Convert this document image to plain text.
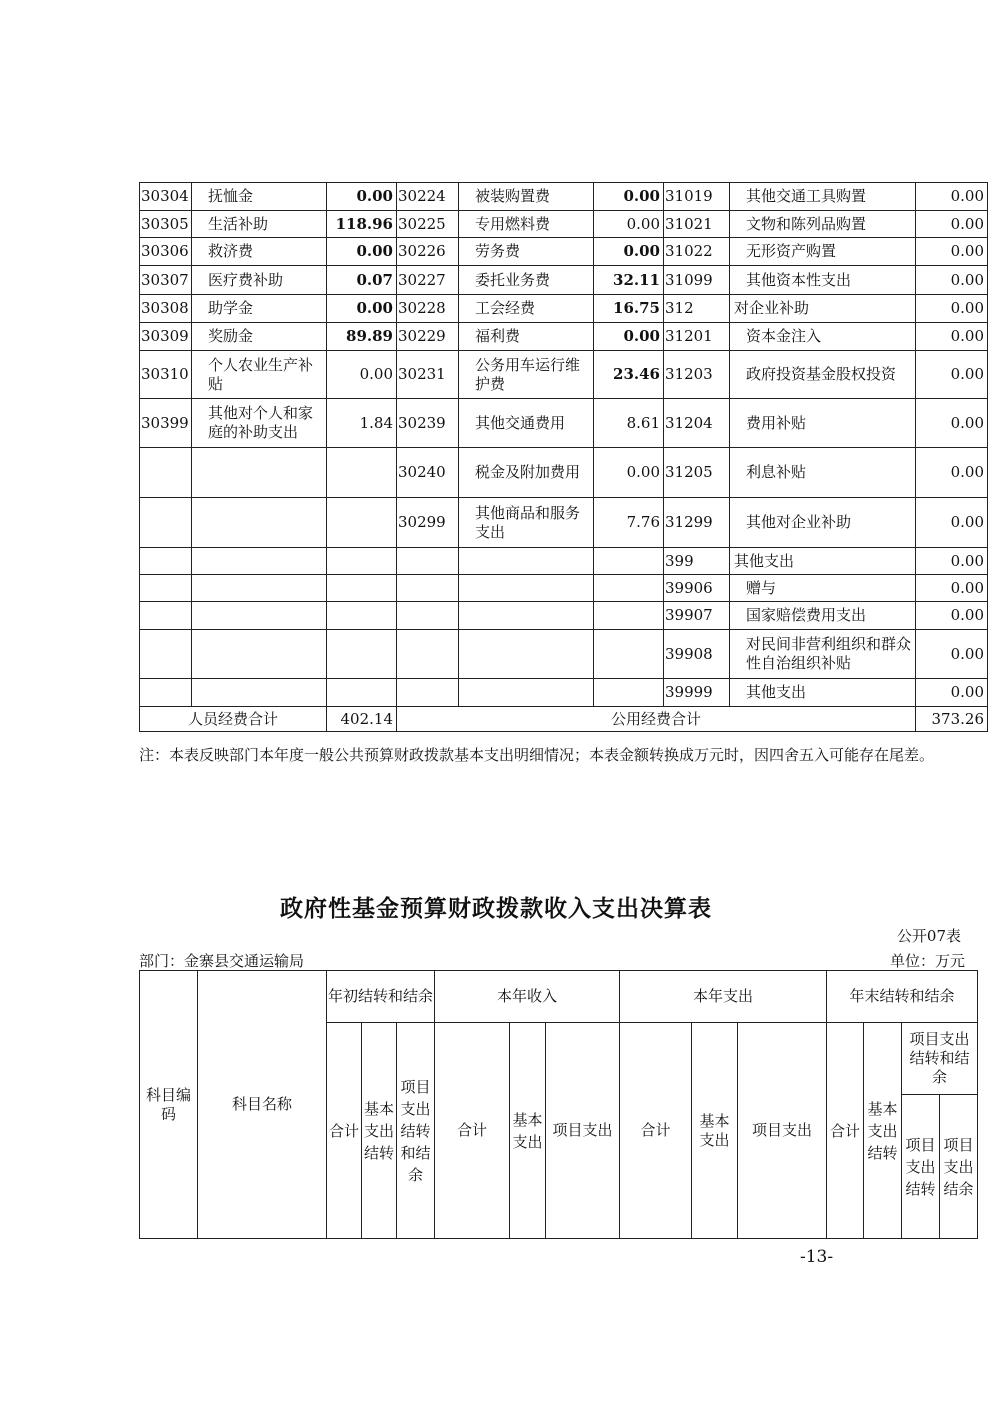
30304	抚恤金	0.00	30224	被装购置费	0.00	31019	其他交通工具购置	0.00
30305	生活补助	118.96	30225	专用燃料费	0.00	31021	文物和陈列品购置	0.00
30306	救济费	0.00	30226	劳务费	0.00	31022	无形资产购置	0.00
30307	医疗费补助	0.07	30227	委托业务费	32.11	31099	其他资本性支出	0.00
30308	助学金	0.00	30228	工会经费	16.75	312	对企业补助	0.00
30309	奖励金	89.89	30229	福利费	0.00	31201	资本金注入	0.00
30310	个人农业生产补贴	0.00	30231	公务用车运行维护费	23.46	31203	政府投资基金股权投资	0.00
30399	其他对个人和家庭的补助支出	1.84	30239	其他交通费用	8.61	31204	费用补贴	0.00
			30240	税金及附加费用	0.00	31205	利息补贴	0.00
			30299	其他商品和服务支出	7.76	31299	其他对企业补助	0.00
						399	其他支出	0.00
						39906	赠与	0.00
						39907	国家赔偿费用支出	0.00
						39908	对民间非营利组织和群众性自治组织补贴	0.00
						39999	其他支出	0.00
人员经费合计		402.14	公用经费合计					373.26
注：本表反映部门本年度一般公共预算财政拨款基本支出明细情况；本表金额转换成万元时，因四舍五入可能存在尾差。
政府性基金预算财政拨款收入支出决算表
公开07表
部门：金寨县交通运输局	单位：万元
科目编码	科目名称	年初结转和结余			本年收入			本年支出			年末结转和结余			
		合计	基本支出结转	项目支出结转和结余	合计	基本支出	项目支出	合计	基本支出	项目支出	合计	基本支出结转	项目支出结转和结余	
													项目支出结转	项目支出结余
-13-
